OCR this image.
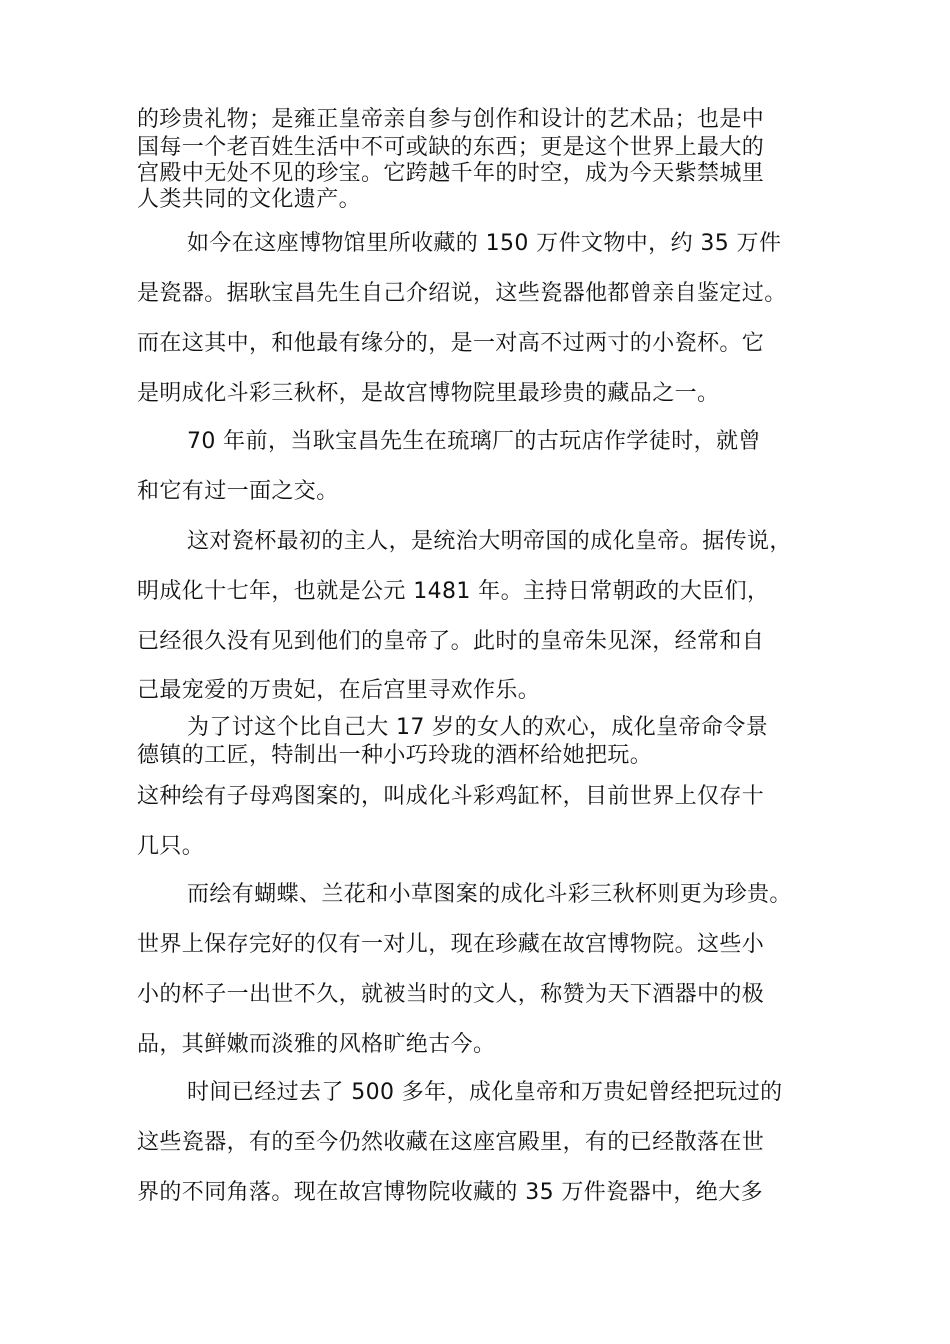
的珍贵礼物；是雍正皇帝亲自参与创作和设计的艺术品；也是中

国每一个老百姓生活中不可或缺的东西；更是这个世界上最大的

宫殿中无处不见的珍宝。它跨越千年的时空，成为今天紫禁城里

人类共同的文化遗产。

如今在这座博物馆里所收藏的 150 万件文物中，约 35 万件

是瓷器。据耿宝昌先生自己介绍说，这些瓷器他都曾亲自鉴定过。

而在这其中，和他最有缘分的，是一对高不过两寸的小瓷杯。它

是明成化斗彩三秋杯，是故宫博物院里最珍贵的藏品之一。

70 年前，当耿宝昌先生在琉璃厂的古玩店作学徒时，就曾

和它有过一面之交。

这对瓷杯最初的主人，是统治大明帝国的成化皇帝。据传说，

明成化十七年，也就是公元 1481 年。主持日常朝政的大臣们，

已经很久没有见到他们的皇帝了。此时的皇帝朱见深，经常和自

己最宠爱的万贵妃，在后宫里寻欢作乐。

为了讨这个比自己大 17 岁的女人的欢心，成化皇帝命令景

德镇的工匠，特制出一种小巧玲珑的酒杯给她把玩。

这种绘有子母鸡图案的，叫成化斗彩鸡缸杯，目前世界上仅存十

几只。

而绘有蝴蝶、兰花和小草图案的成化斗彩三秋杯则更为珍贵。

世界上保存完好的仅有一对儿，现在珍藏在故宫博物院。这些小

小的杯子一出世不久，就被当时的文人，称赞为天下酒器中的极

品，其鲜嫩而淡雅的风格旷绝古今。

时间已经过去了 500 多年，成化皇帝和万贵妃曾经把玩过的

这些瓷器，有的至今仍然收藏在这座宫殿里，有的已经散落在世

界的不同角落。现在故宫博物院收藏的 35 万件瓷器中，绝大多
